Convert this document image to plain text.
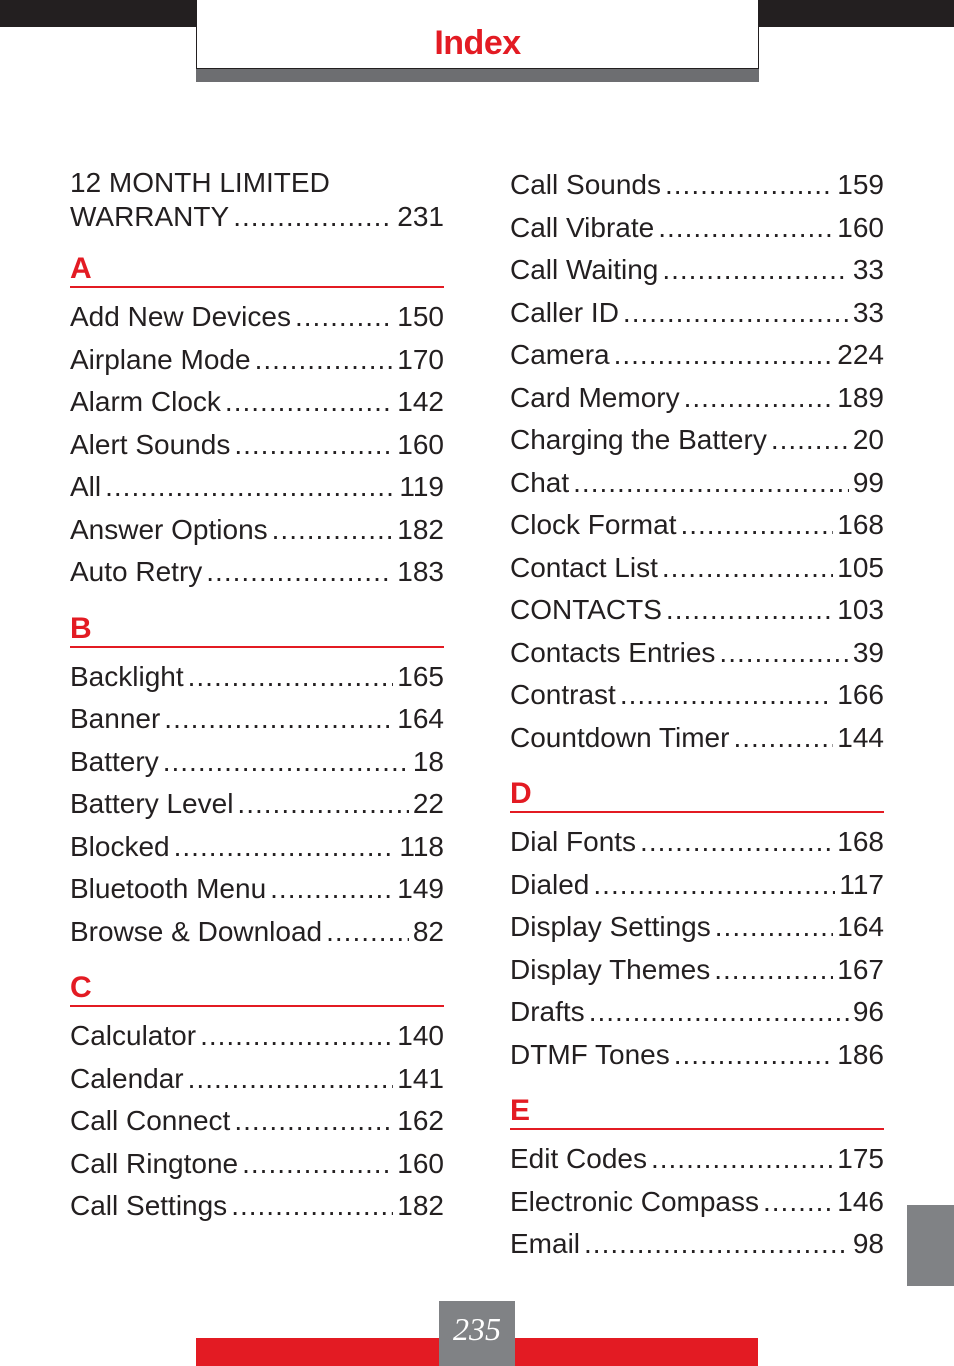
Index
12 MONTH LIMITED
WARRANTY .....	231
A
Add New Devices .....	150
Airplane Mode .....	170
Alarm Clock .....	142
Alert Sounds .....	160
All .....	119
Answer Options .....	182
Auto Retry .....	183
B
Backlight .....	165
Banner .....	164
Battery .....	18
Battery Level .....	22
Blocked .....	118
Bluetooth Menu .....	149
Browse & Download .....	82
C
Calculator .....	140
Calendar .....	141
Call Connect .....	162
Call Ringtone .....	160
Call Settings .....	182
Call Sounds .....	159
Call Vibrate .....	160
Call Waiting .....	33
Caller ID .....	33
Camera .....	224
Card Memory .....	189
Charging the Battery .....	20
Chat .....	99
Clock Format .....	168
Contact List .....	105
CONTACTS .....	103
Contacts Entries .....	39
Contrast .....	166
Countdown Timer .....	144
D
Dial Fonts .....	168
Dialed .....	117
Display Settings .....	164
Display Themes .....	167
Drafts .....	96
DTMF Tones .....	186
E
Edit Codes .....	175
Electronic Compass .....	146
Email .....	98
235
